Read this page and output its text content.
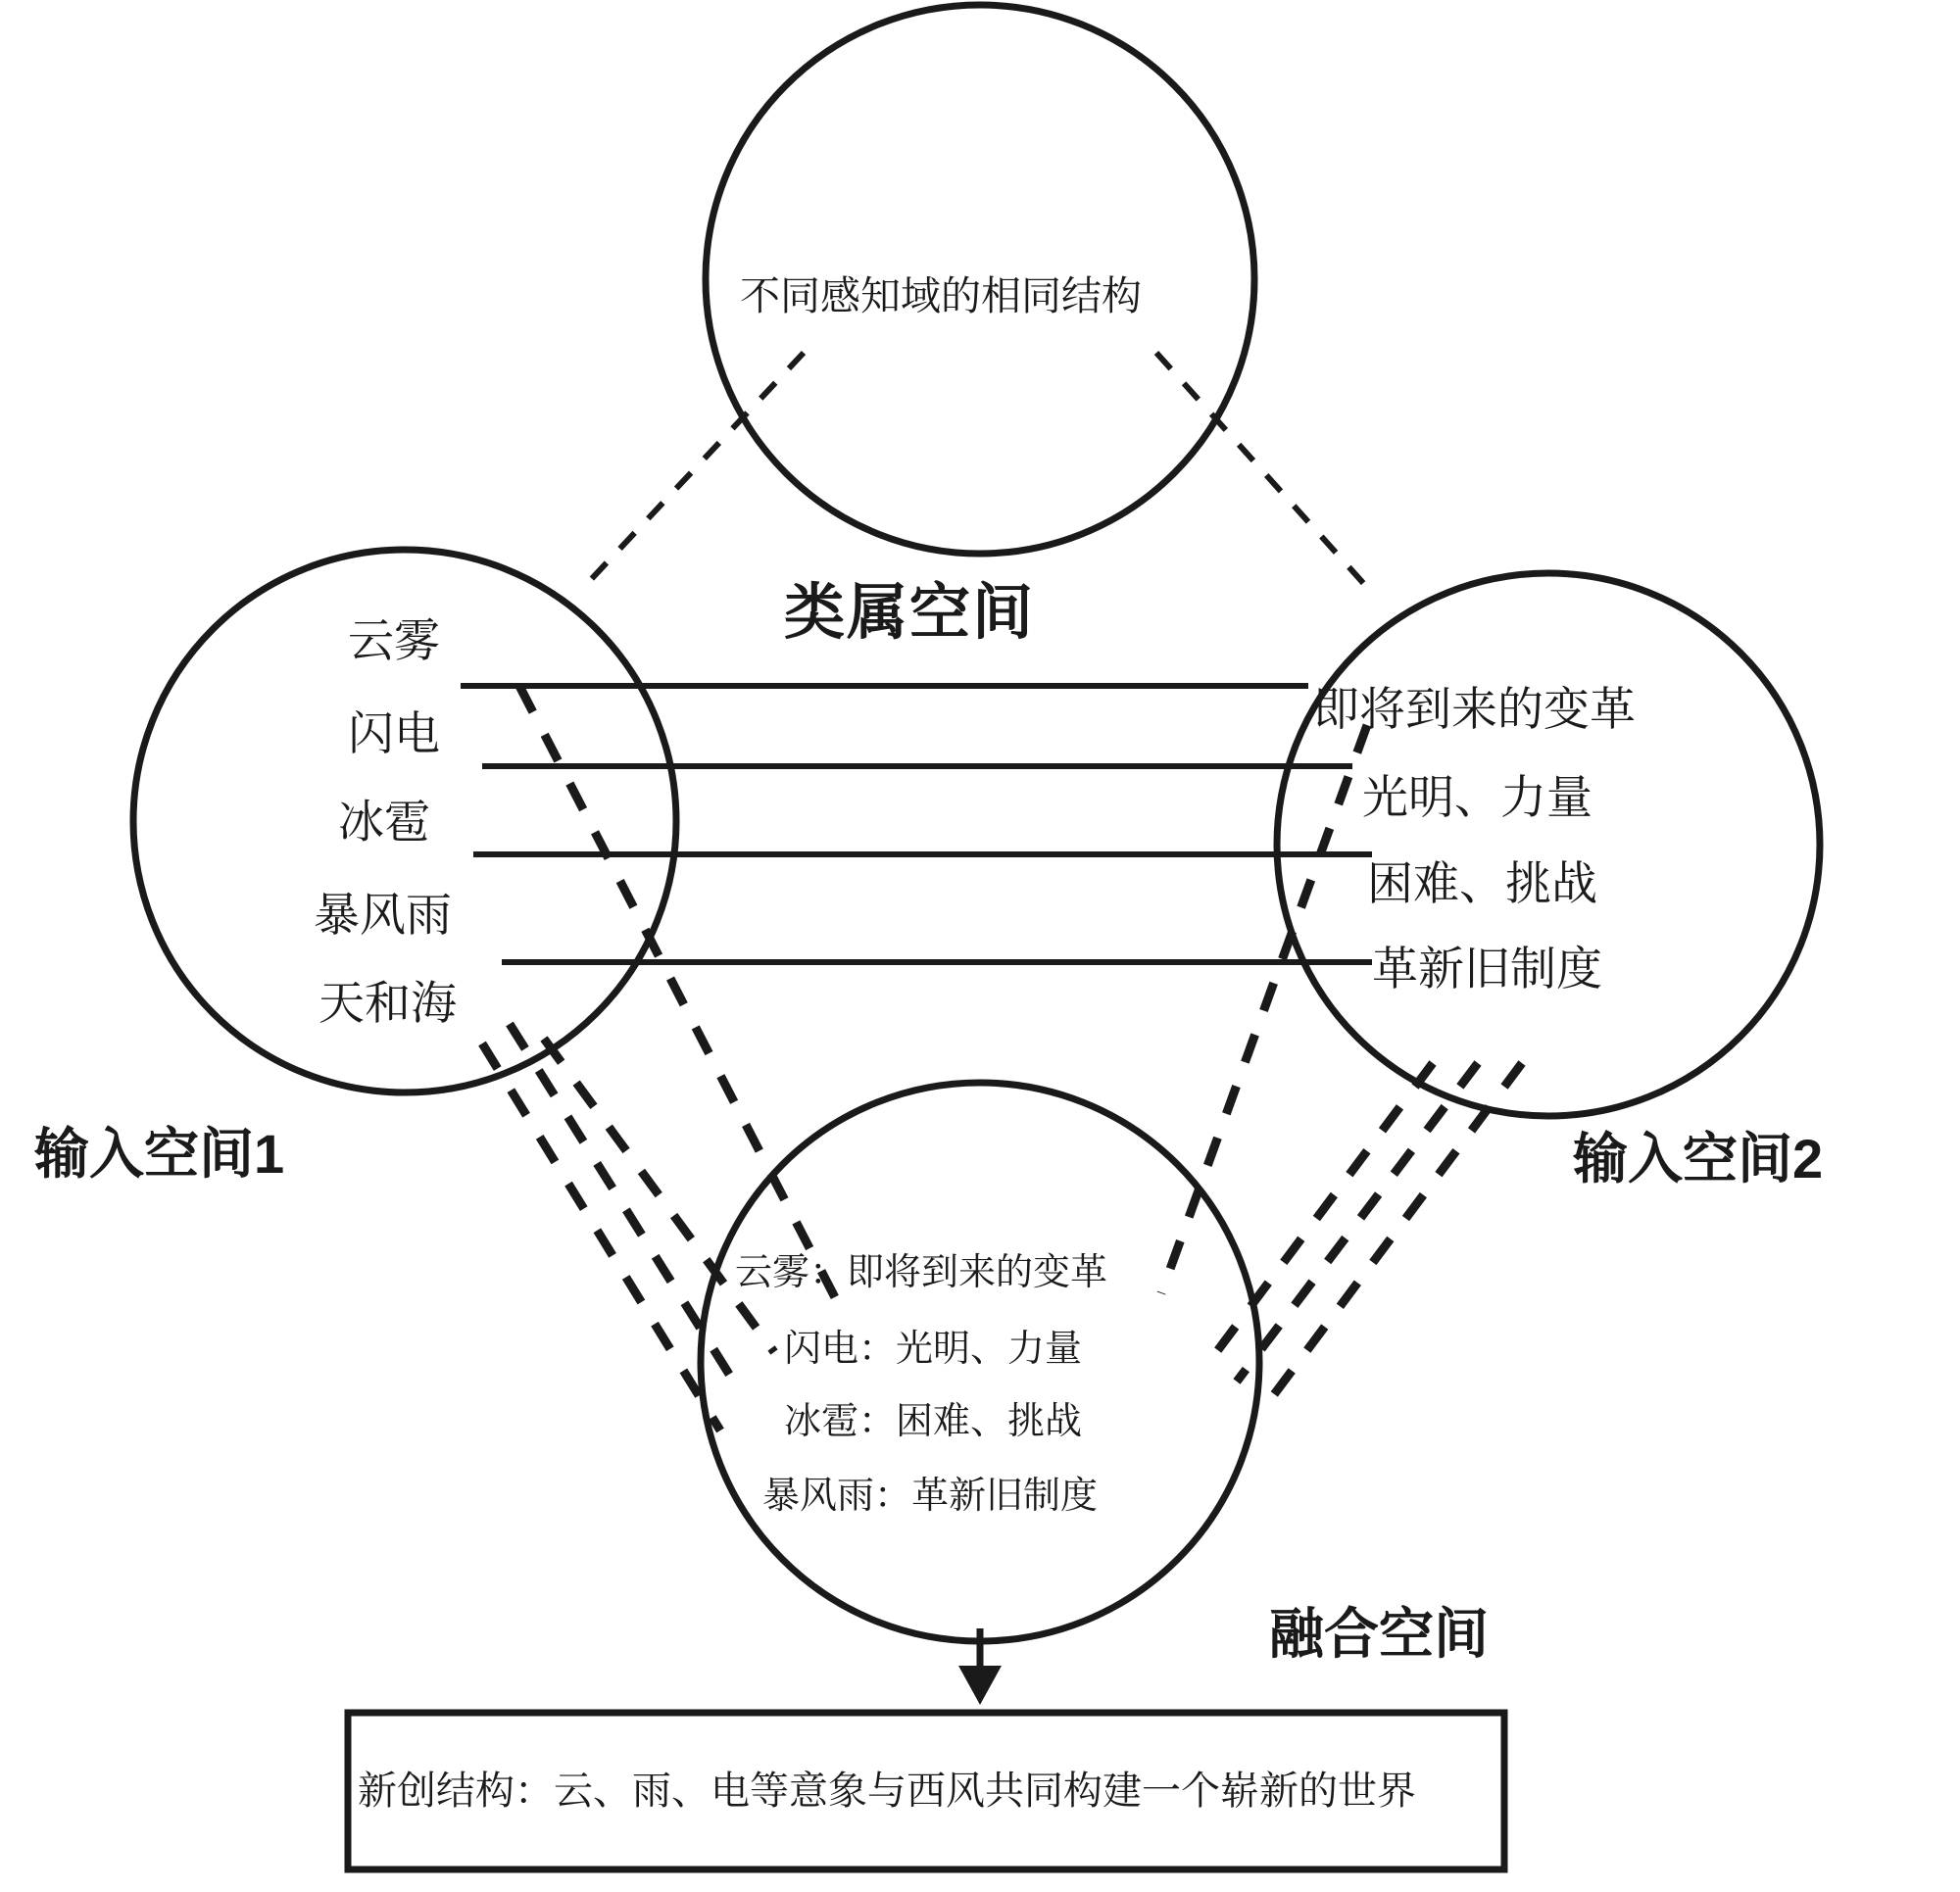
不同感知域的相同结构
类属空间
云雾
闪电
冰雹
暴风雨
天和海
输入空间1
即将到来的变革
光明、力量
困难、挑战
革新旧制度
输入空间2
云雾：即将到来的变革
闪电：光明、力量
冰雹：困难、挑战
暴风雨：革新旧制度
融合空间
新创结构：云、雨、电等意象与西风共同构建一个崭新的世界
